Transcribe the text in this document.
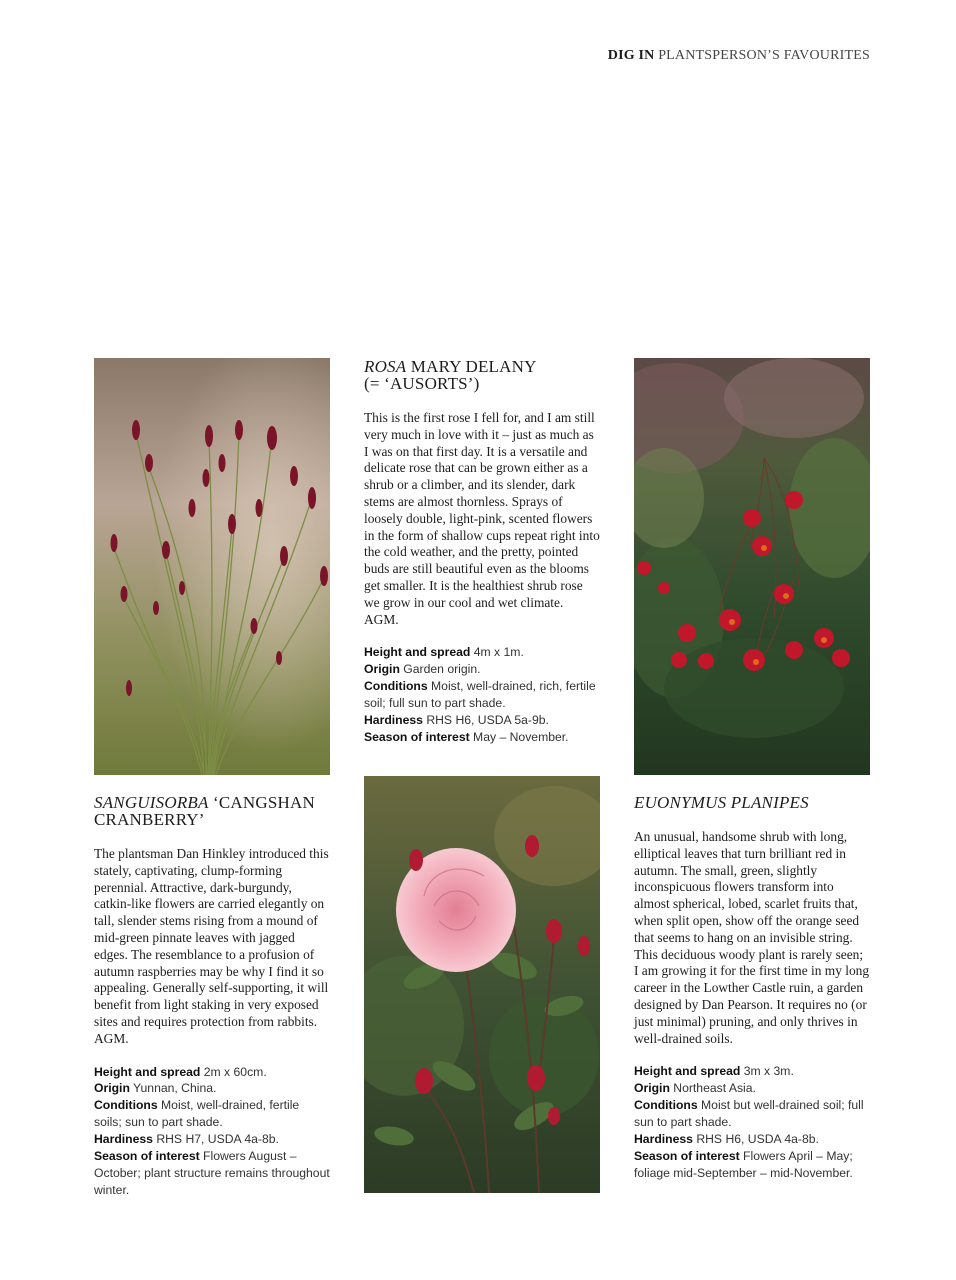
DIG IN PLANTSPERSON’S FAVOURITES
ROSA MARY DELANY
(= ‘AUSORTS’)

This is the first rose I fell for, and I am still very much in love with it – just as much as I was on that first day. It is a versatile and delicate rose that can be grown either as a shrub or a climber, and its slender, dark stems are almost thornless. Sprays of loosely double, light-pink, scented flowers in the form of shallow cups repeat right into the cold weather, and the pretty, pointed buds are still beautiful even as the blooms get smaller. It is the healthiest shrub rose we grow in our cool and wet climate. AGM.

Height and spread 4m x 1m.

Origin Garden origin.

Conditions Moist, well-drained, rich, fertile soil; full sun to part shade.

Hardiness RHS H6, USDA 5a-9b.

Season of interest May – November.

SANGUISORBA ‘CANGSHAN
CRANBERRY’

The plantsman Dan Hinkley introduced this stately, captivating, clump-forming perennial. Attractive, dark-burgundy, catkin-like flowers are carried elegantly on tall, slender stems rising from a mound of mid-green pinnate leaves with jagged edges. The resemblance to a profusion of autumn raspberries may be why I find it so appealing. Generally self-supporting, it will benefit from light staking in very exposed sites and requires protection from rabbits. AGM.

Height and spread 2m x 60cm.

Origin Yunnan, China.

Conditions Moist, well-drained, fertile soils; sun to part shade.

Hardiness RHS H7, USDA 4a-8b.

Season of interest Flowers August – October; plant structure remains throughout winter.

EUONYMUS PLANIPES

An unusual, handsome shrub with long, elliptical leaves that turn brilliant red in autumn. The small, green, slightly inconspicuous flowers transform into almost spherical, lobed, scarlet fruits that, when split open, show off the orange seed that seems to hang on an invisible string. This deciduous woody plant is rarely seen; I am growing it for the first time in my long career in the Lowther Castle ruin, a garden designed by Dan Pearson. It requires no (or just minimal) pruning, and only thrives in well-drained soils.

Height and spread 3m x 3m.

Origin Northeast Asia.

Conditions Moist but well-drained soil; full sun to part shade.

Hardiness RHS H6, USDA 4a-8b.

Season of interest Flowers April – May; foliage mid-September – mid-November.
